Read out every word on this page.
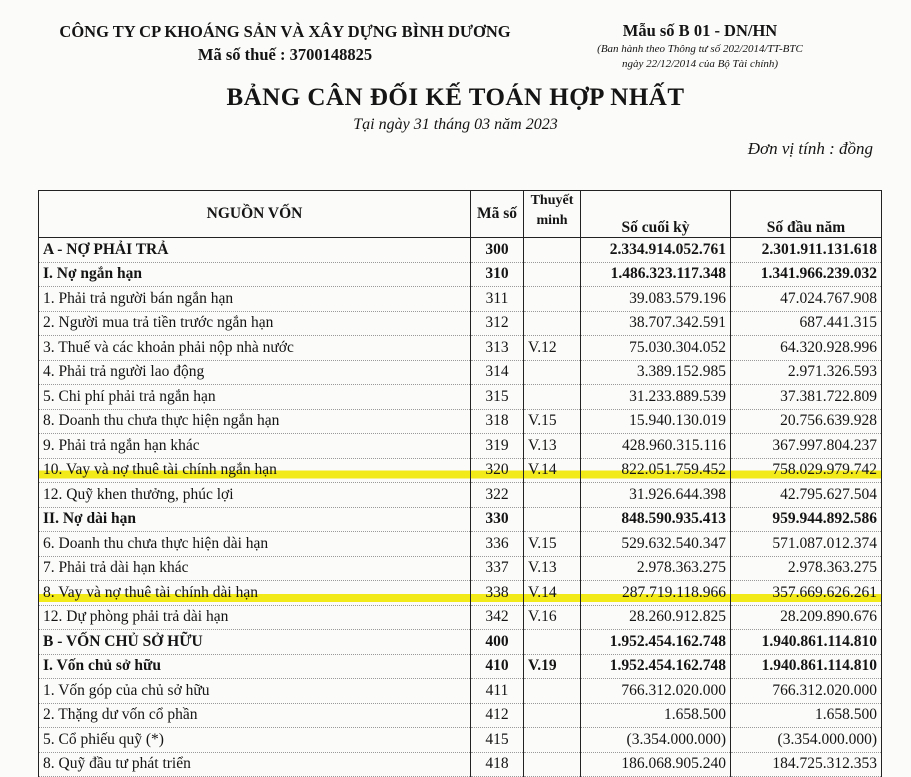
CÔNG TY CP KHOÁNG SẢN VÀ XÂY DỰNG BÌNH DƯƠNG
Mã số thuế : 3700148825
Mẫu số B 01 - DN/HN
(Ban hành theo Thông tư số 202/2014/TT-BTC
ngày 22/12/2014 của Bộ Tài chính)
BẢNG CÂN ĐỐI KẾ TOÁN HỢP NHẤT
Tại ngày 31 tháng 03 năm 2023
Đơn vị tính : đồng
NGUỒN VỐN	Mã số	Thuyết minh	Số cuối kỳ	Số đầu năm
A - NỢ PHẢI TRẢ	300		2.334.914.052.761	2.301.911.131.618
I. Nợ ngắn hạn	310		1.486.323.117.348	1.341.966.239.032
1. Phải trả người bán ngắn hạn	311		39.083.579.196	47.024.767.908
2. Người mua trả tiền trước ngắn hạn	312		38.707.342.591	687.441.315
3. Thuế và các khoản phải nộp nhà nước	313	V.12	75.030.304.052	64.320.928.996
4. Phải trả người lao động	314		3.389.152.985	2.971.326.593
5. Chi phí phải trả ngắn hạn	315		31.233.889.539	37.381.722.809
8. Doanh thu chưa thực hiện ngắn hạn	318	V.15	15.940.130.019	20.756.639.928
9. Phải trả ngắn hạn khác	319	V.13	428.960.315.116	367.997.804.237
10. Vay và nợ thuê tài chính ngắn hạn	320	V.14	822.051.759.452	758.029.979.742
12. Quỹ khen thưởng, phúc lợi	322		31.926.644.398	42.795.627.504
II. Nợ dài hạn	330		848.590.935.413	959.944.892.586
6. Doanh thu chưa thực hiện dài hạn	336	V.15	529.632.540.347	571.087.012.374
7. Phải trả dài hạn khác	337	V.13	2.978.363.275	2.978.363.275
8. Vay và nợ thuê tài chính dài hạn	338	V.14	287.719.118.966	357.669.626.261
12. Dự phòng phải trả dài hạn	342	V.16	28.260.912.825	28.209.890.676
B - VỐN CHỦ SỞ HỮU	400		1.952.454.162.748	1.940.861.114.810
I. Vốn chủ sở hữu	410	V.19	1.952.454.162.748	1.940.861.114.810
1. Vốn góp của chủ sở hữu	411		766.312.020.000	766.312.020.000
2. Thặng dư vốn cổ phần	412		1.658.500	1.658.500
5. Cổ phiếu quỹ (*)	415		(3.354.000.000)	(3.354.000.000)
8. Quỹ đầu tư phát triển	418		186.068.905.240	184.725.312.353
